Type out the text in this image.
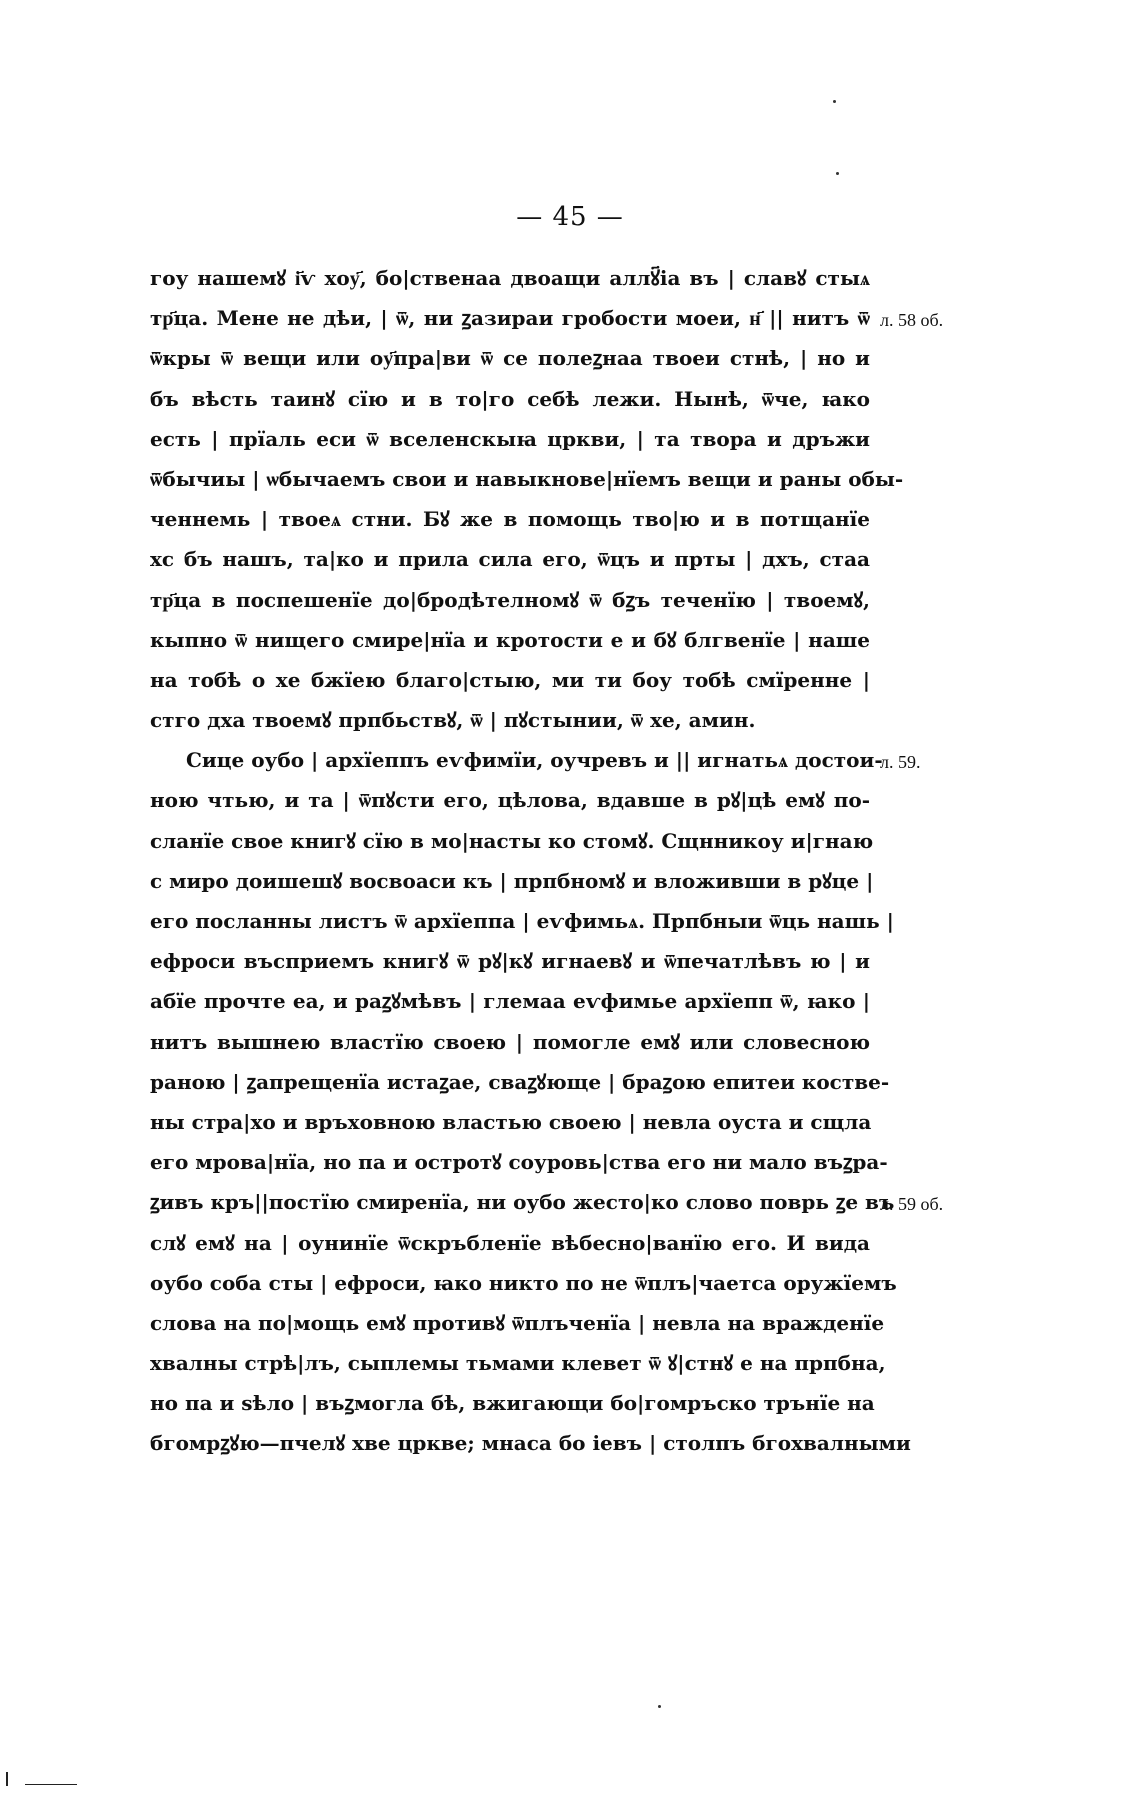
— 45 —
гоу нашемꙋ і҃ѵ хоу҃, бо|ственаа двоащи аллꙋ҃іа въ | славꙋ стыѧ
тр҃ца. Мене не дѣи, | ѿ, ни ꙁазираи гробости моеи, н҃ || нитъ ѿ
ѿкры ѿ вещи или оу҃пра|ви ѿ се полеꙁнаа твоеи стнѣ, | но и
бъ вѣсть таинꙋ сїю и в то|го себѣ лежи. Нынѣ, ѿче, ꙗко
есть | прїаль еси ѿ вселенскыꙗ цркви, | та твора и дръжи
ѿбычиы | ѡбычаемъ свои и навыкнове|нїемъ вещи и раны обы-
ченнемь | твоеѧ стни. Бꙋ же в помощь тво|ю и в потщанїе
хс бъ нашъ, та|ко и прила сила его, ѿцъ и прты | дхъ, стаа
тр҃ца в поспешенїе до|бродѣтелномꙋ ѿ бꙁъ теченїю | твоемꙋ,
кыпно ѿ нищего смире|нїа и кротости е и бꙋ блгвенїе | наше
на тобѣ о хе бжїею благо|стыю, ми ти боу тобѣ смїренне |
стго дха твоемꙋ прпбьствꙋ, ѿ | пꙋстынии, ѿ хе, амин.
Сице оубо | архїеппъ еѵфимїи, оучревъ и || игнатьѧ достои-
ною чтью, и та | ѿпꙋсти его, цѣлова, вдавше в рꙋ|цѣ емꙋ по-
сланїе свое книгꙋ сїю в мо|насты ко стомꙋ. Сщнникоу и|гнаю
с миро доишешꙋ восвоаси къ | прпбномꙋ и вложивши в рꙋце |
его посланны листъ ѿ архїеппа | еѵфимьѧ. Прпбныи ѿць нашь |
ефроси въсприемъ книгꙋ ѿ рꙋ|кꙋ игнаевꙋ и ѿпечатлѣвъ ю | и
абїе прочте еа, и раꙁꙋмѣвъ | глемаа еѵфимье архїепп ѿ, ꙗко |
нитъ вышнею властїю своею | помогле емꙋ или словесною
раною | ꙁапрещенїа истаꙁае, сваꙁꙋюще | браꙁою епитеи костве-
ны стра|хо и връховною властью своею | невла оуста и сщла
его мрова|нїа, но па и остротꙋ соуровь|ства его ни мало въꙁра-
ꙁивъ кръ||постїю смиренїа, ни оубо жесто|ко слово поврь ꙁе въ
слꙋ емꙋ на | оунинїе ѿскръбленїе вѣбесно|ванїю его. И вида
оубо соба сты | ефроси, ꙗко никто по не ѿплъ|чаетса оружїемъ
слова на по|мощь емꙋ противꙋ ѿплъченїа | невла на вражденїе
хвалны стрѣ|лъ, сыплемы тьмами клевет ѿ ꙋ|стнꙋ е на прпбна,
но па и ѕѣло | въꙁмогла бѣ, вжигающи бо|гомръско трънїе на
бгомрꙁꙋю—пчелꙋ хве цркве; мнаса бо іевъ | столпъ бгохвалными
л. 58 об.
л. 59.
л. 59 об.
